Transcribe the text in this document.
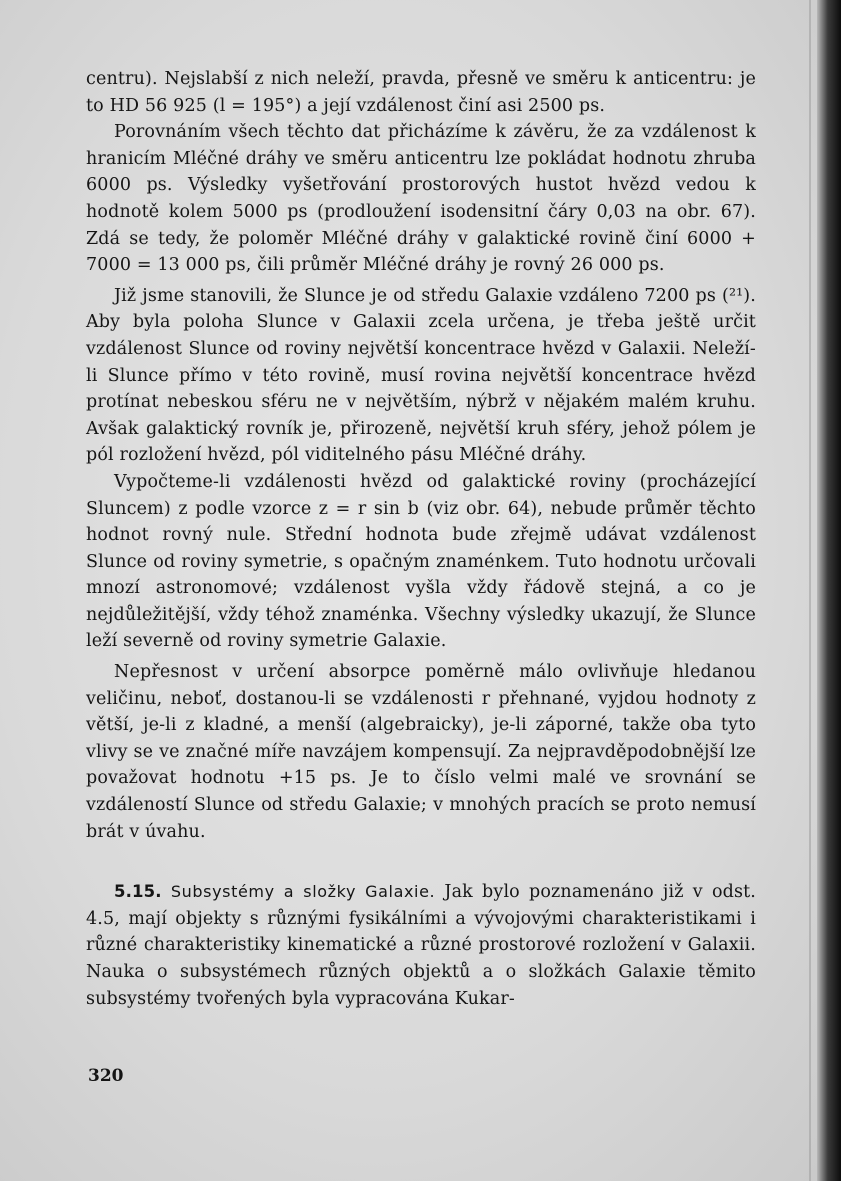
centru). Nejslabší z nich neleží, pravda, přesně ve směru k anticentru: je to HD 56 925 (l = 195°) a její vzdálenost činí asi 2500 ps.

Porovnáním všech těchto dat přicházíme k závěru, že za vzdálenost k hranicím Mléčné dráhy ve směru anticentru lze pokládat hodnotu zhruba 6000 ps. Výsledky vyšetřování prostorových hustot hvězd vedou k hodnotě kolem 5000 ps (prodloužení isodensitní čáry 0,03 na obr. 67). Zdá se tedy, že poloměr Mléčné dráhy v galaktické rovině činí 6000 + 7000 = 13 000 ps, čili průměr Mléčné dráhy je rovný 26 000 ps.

Již jsme stanovili, že Slunce je od středu Galaxie vzdáleno 7200 ps (²¹). Aby byla poloha Slunce v Galaxii zcela určena, je třeba ještě určit vzdálenost Slunce od roviny největší koncentrace hvězd v Galaxii. Neleží-li Slunce přímo v této rovině, musí rovina největší koncentrace hvězd protínat nebeskou sféru ne v největším, nýbrž v nějakém malém kruhu. Avšak galaktický rovník je, přirozeně, největší kruh sféry, jehož pólem je pól rozložení hvězd, pól viditelného pásu Mléčné dráhy.

Vypočteme-li vzdálenosti hvězd od galaktické roviny (procházející Sluncem) z podle vzorce z = r sin b (viz obr. 64), nebude průměr těchto hodnot rovný nule. Střední hodnota bude zřejmě udávat vzdálenost Slunce od roviny symetrie, s opačným znaménkem. Tuto hodnotu určovali mnozí astronomové; vzdálenost vyšla vždy řádově stejná, a co je nejdůležitější, vždy téhož znaménka. Všechny výsledky ukazují, že Slunce leží severně od roviny symetrie Galaxie.

Nepřesnost v určení absorpce poměrně málo ovlivňuje hledanou veličinu, neboť, dostanou-li se vzdálenosti r přehnané, vyjdou hodnoty z větší, je-li z kladné, a menší (algebraicky), je-li záporné, takže oba tyto vlivy se ve značné míře navzájem kompensují. Za nejpravděpodobnější lze považovat hodnotu +15 ps. Je to číslo velmi malé ve srovnání se vzdáleností Slunce od středu Galaxie; v mnohých pracích se proto nemusí brát v úvahu.

5.15. Subsystémy a složky Galaxie. Jak bylo poznamenáno již v odst. 4.5, mají objekty s různými fysikálními a vývojovými charakteristikami i různé charakteristiky kinematické a různé prostorové rozložení v Galaxii. Nauka o subsystémech různých objektů a o složkách Galaxie těmito subsystémy tvořených byla vypracována Kukar-

320
